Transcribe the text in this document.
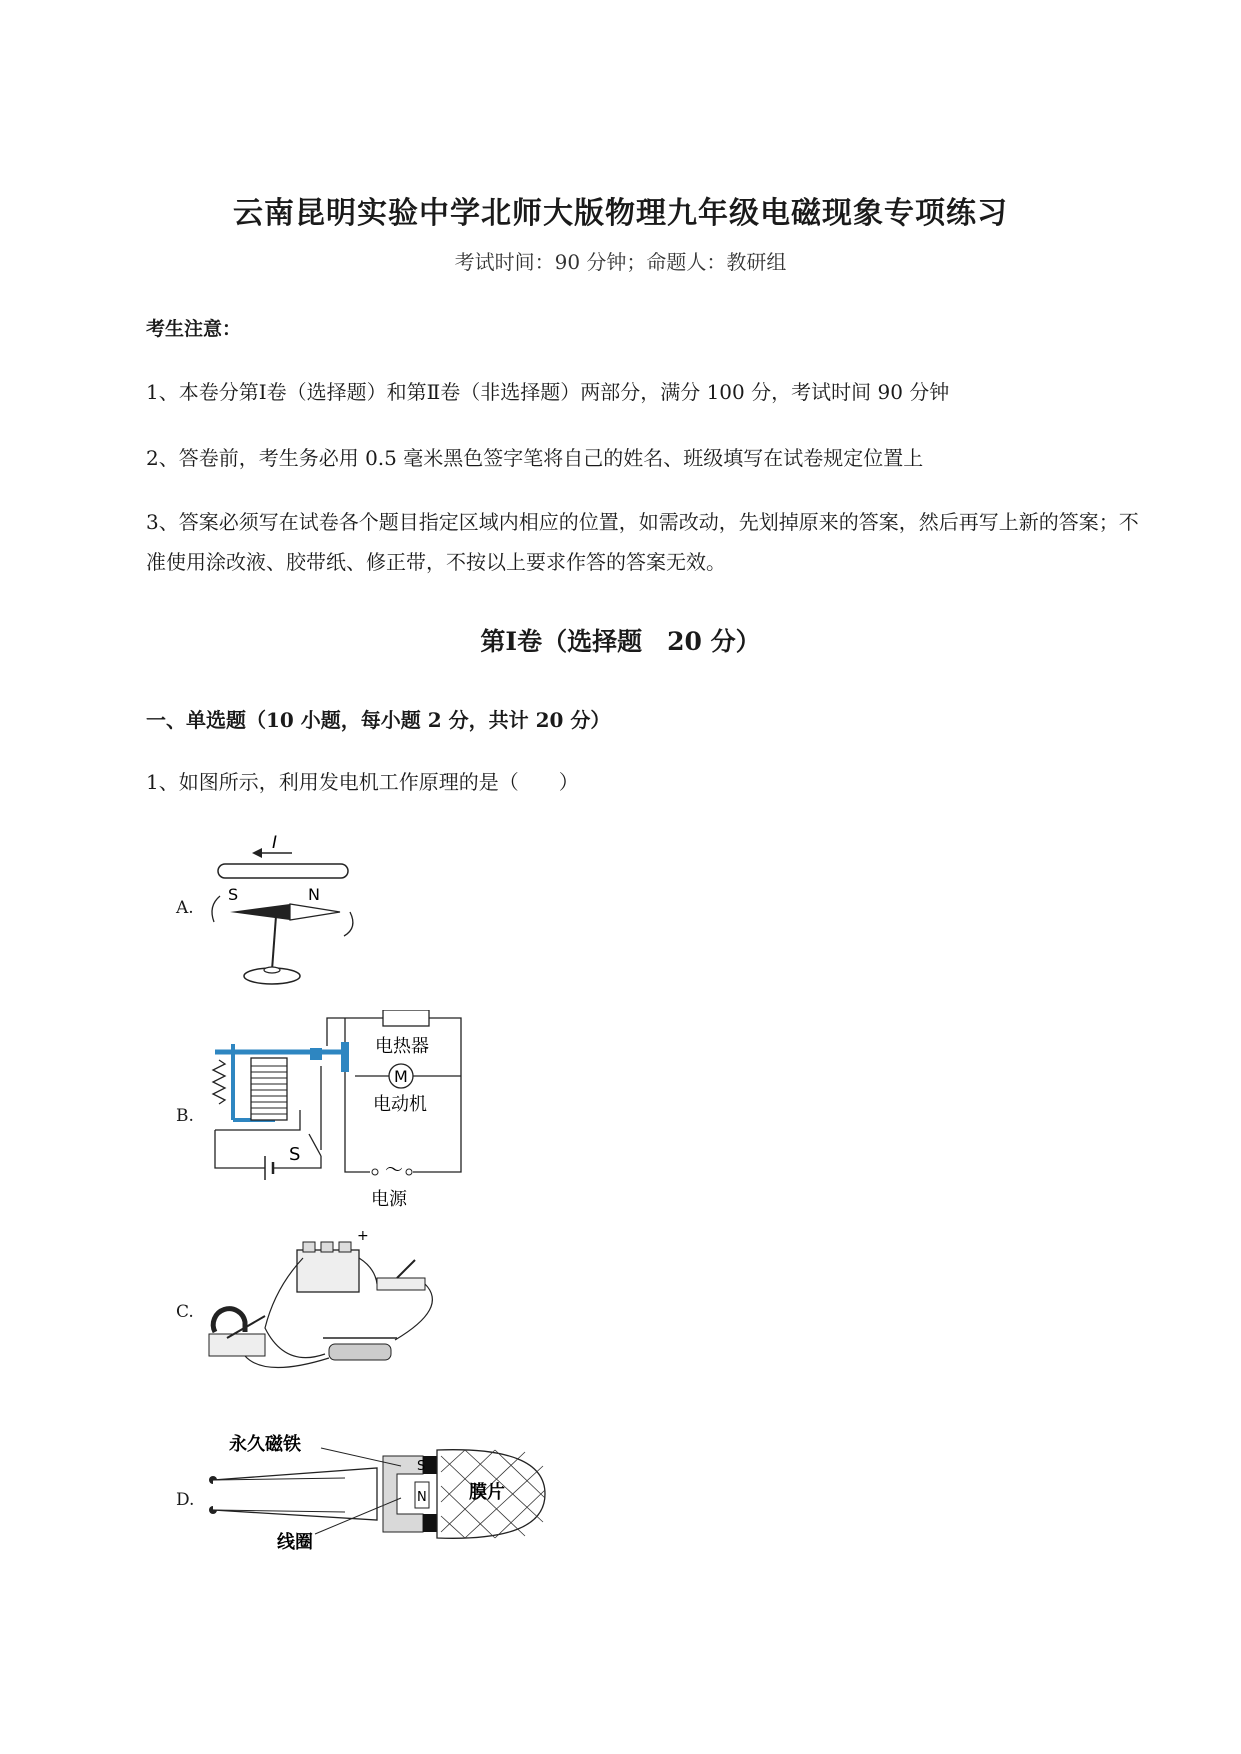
云南昆明实验中学北师大版物理九年级电磁现象专项练习
考试时间：90 分钟；命题人：教研组
考生注意：
1、本卷分第Ⅰ卷（选择题）和第Ⅱ卷（非选择题）两部分，满分 100 分，考试时间 90 分钟
2、答卷前，考生务必用 0.5 毫米黑色签字笔将自己的姓名、班级填写在试卷规定位置上
3、答案必须写在试卷各个题目指定区域内相应的位置，如需改动，先划掉原来的答案，然后再写上新的答案；不准使用涂改液、胶带纸、修正带，不按以上要求作答的答案无效。
第Ⅰ卷（选择题　20 分）
一、单选题（10 小题，每小题 2 分，共计 20 分）
1、如图所示，利用发电机工作原理的是（　　）
A.
I
S	N
B.
S
电热器
M
电动机
～
电源
C.
+
D.
S
N
永久磁铁
膜片
线圈
